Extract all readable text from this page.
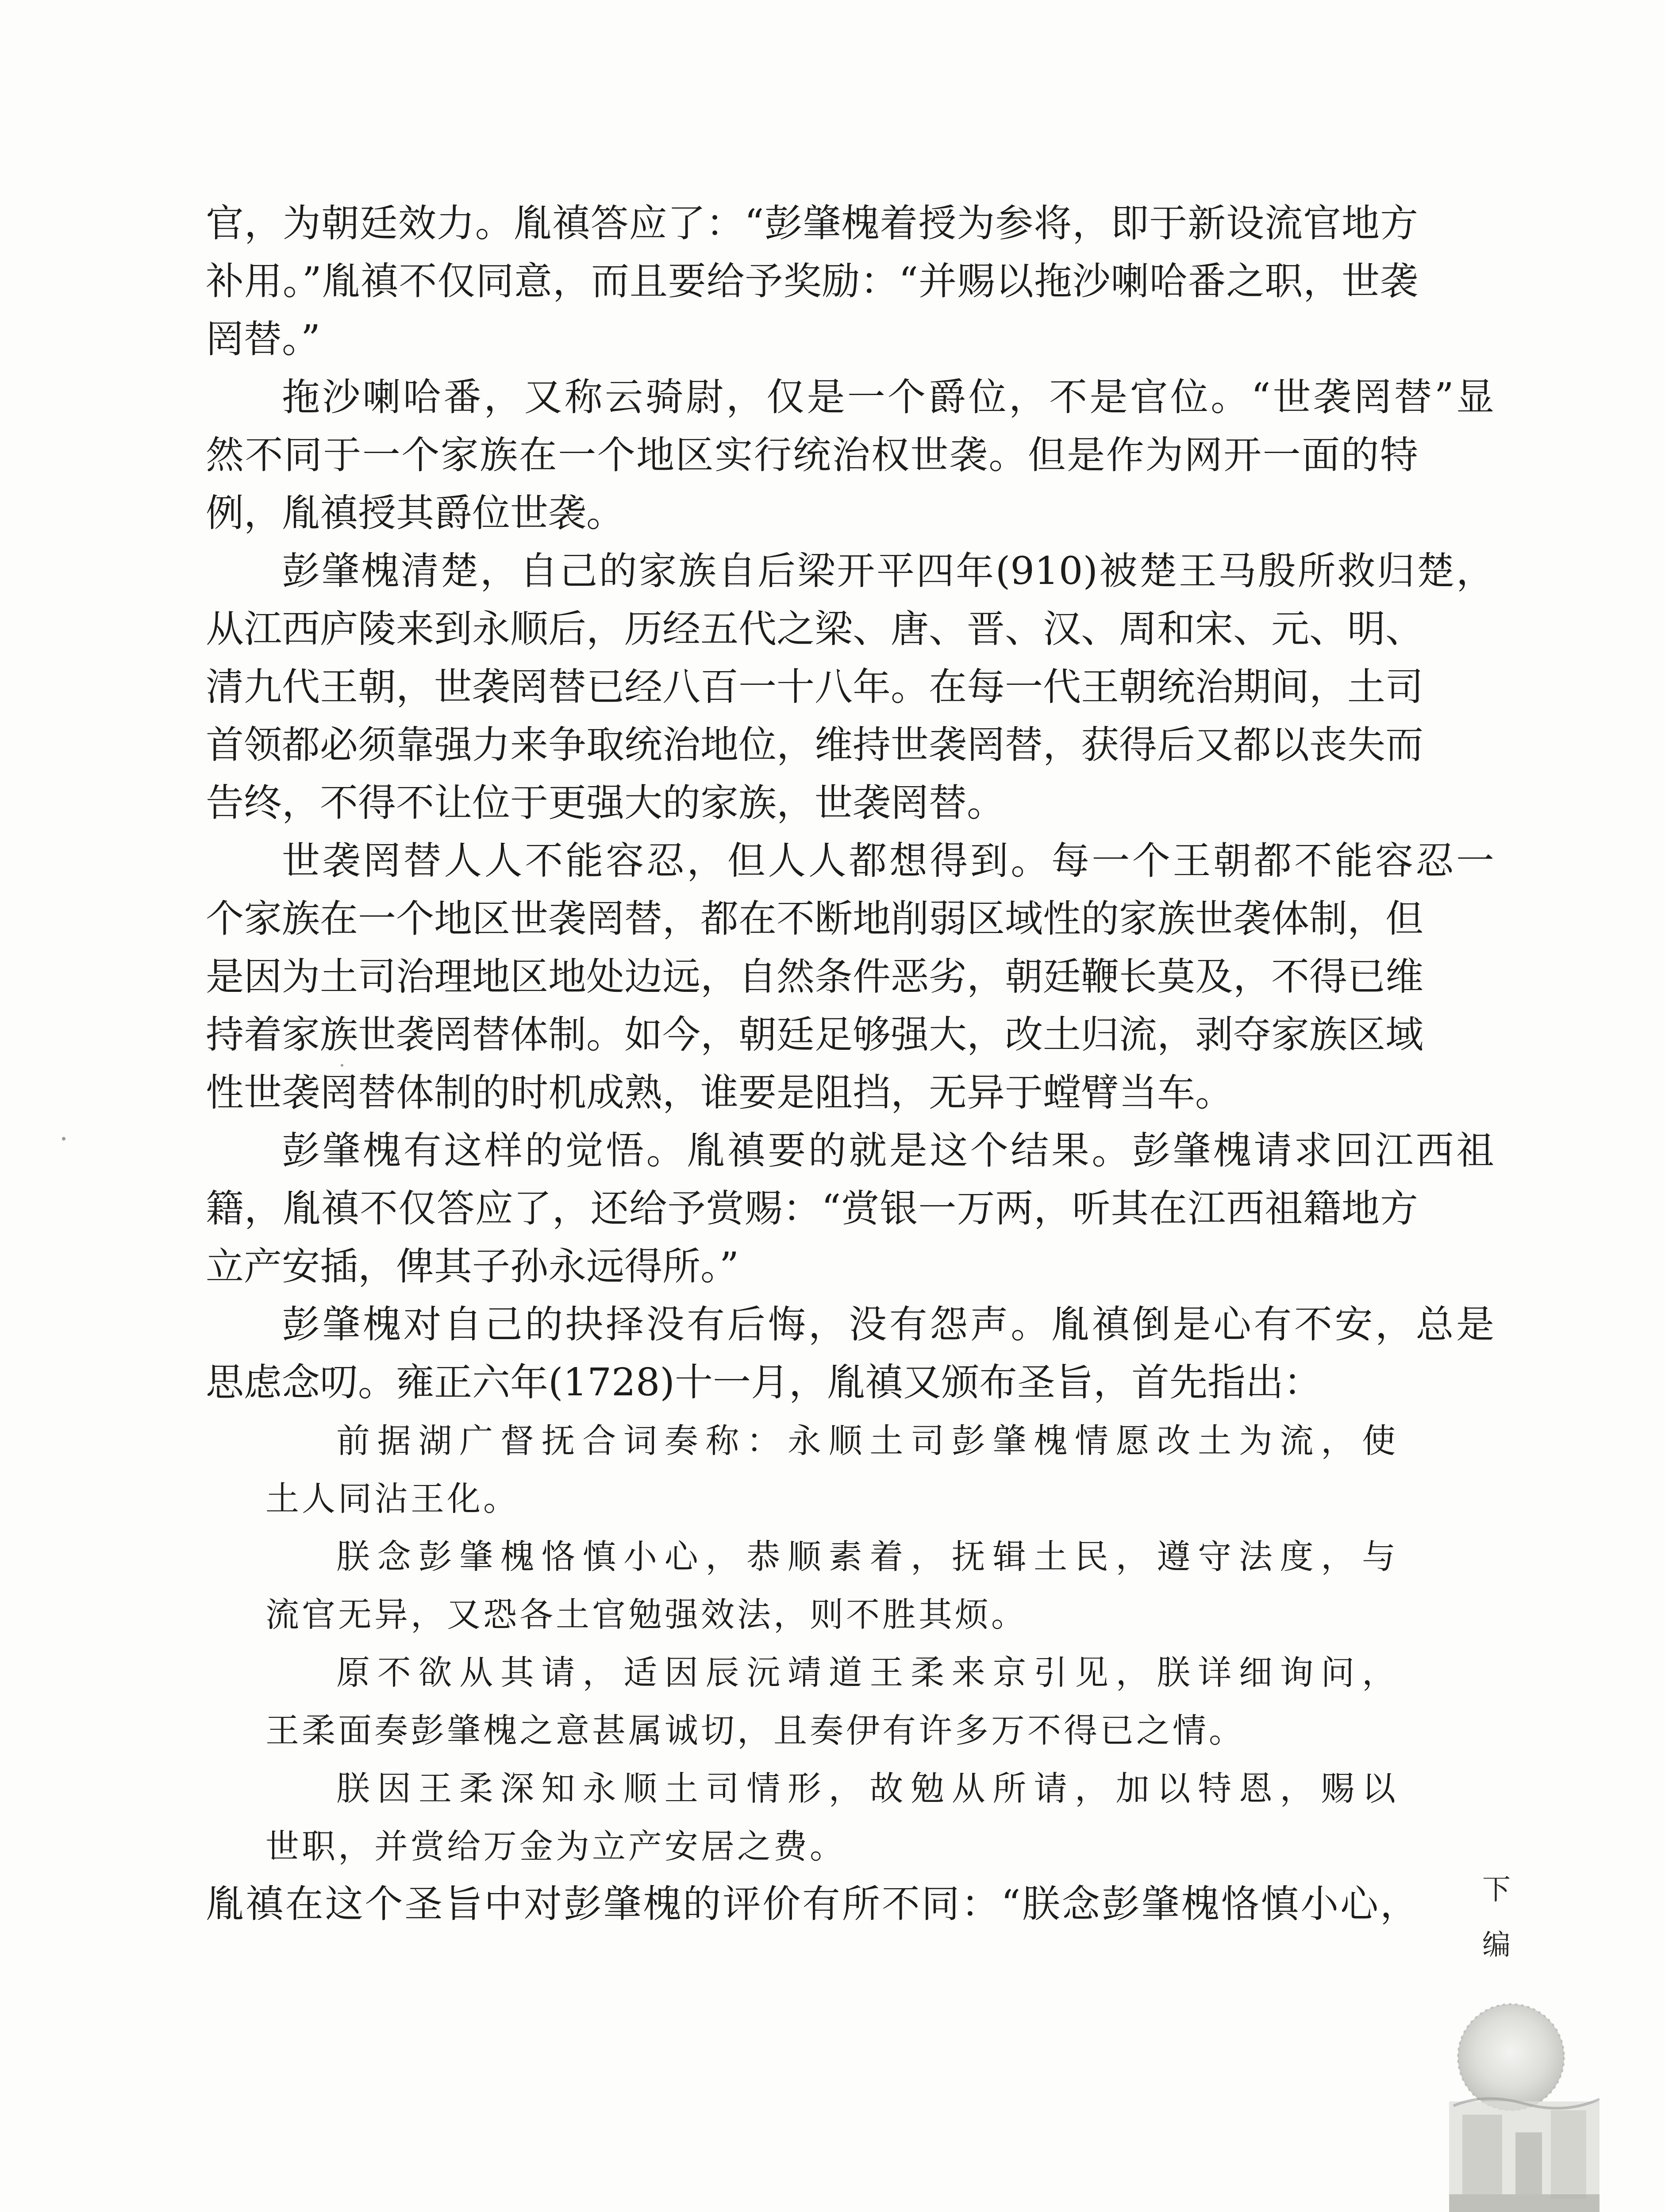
官，为朝廷效力。胤禛答应了：“彭肇槐着授为参将，即于新设流官地方
补用。”胤禛不仅同意，而且要给予奖励：“并赐以拖沙喇哈番之职，世袭
罔替。”
拖沙喇哈番，又称云骑尉，仅是一个爵位，不是官位。“世袭罔替”显
然不同于一个家族在一个地区实行统治权世袭。但是作为网开一面的特
例，胤禛授其爵位世袭。
彭肇槐清楚，自己的家族自后梁开平四年(910)被楚王马殷所救归楚，
从江西庐陵来到永顺后，历经五代之梁、唐、晋、汉、周和宋、元、明、
清九代王朝，世袭罔替已经八百一十八年。在每一代王朝统治期间，土司
首领都必须靠强力来争取统治地位，维持世袭罔替，获得后又都以丧失而
告终，不得不让位于更强大的家族，世袭罔替。
世袭罔替人人不能容忍，但人人都想得到。每一个王朝都不能容忍一
个家族在一个地区世袭罔替，都在不断地削弱区域性的家族世袭体制，但
是因为土司治理地区地处边远，自然条件恶劣，朝廷鞭长莫及，不得已维
持着家族世袭罔替体制。如今，朝廷足够强大，改土归流，剥夺家族区域
性世袭罔替体制的时机成熟，谁要是阻挡，无异于螳臂当车。
彭肇槐有这样的觉悟。胤禛要的就是这个结果。彭肇槐请求回江西祖
籍，胤禛不仅答应了，还给予赏赐：“赏银一万两，听其在江西祖籍地方
立产安插，俾其子孙永远得所。”
彭肇槐对自己的抉择没有后悔，没有怨声。胤禛倒是心有不安，总是
思虑念叨。雍正六年(1728)十一月，胤禛又颁布圣旨，首先指出：
前据湖广督抚合词奏称：永顺土司彭肇槐情愿改土为流，使
土人同沾王化。
朕念彭肇槐恪慎小心，恭顺素着，抚辑土民，遵守法度，与
流官无异，又恐各土官勉强效法，则不胜其烦。
原不欲从其请，适因辰沅靖道王柔来京引见，朕详细询问，
王柔面奏彭肇槐之意甚属诚切，且奏伊有许多万不得已之情。
朕因王柔深知永顺土司情形，故勉从所请，加以特恩，赐以
世职，并赏给万金为立产安居之费。
胤禛在这个圣旨中对彭肇槐的评价有所不同：“朕念彭肇槐恪慎小心， 下
编
